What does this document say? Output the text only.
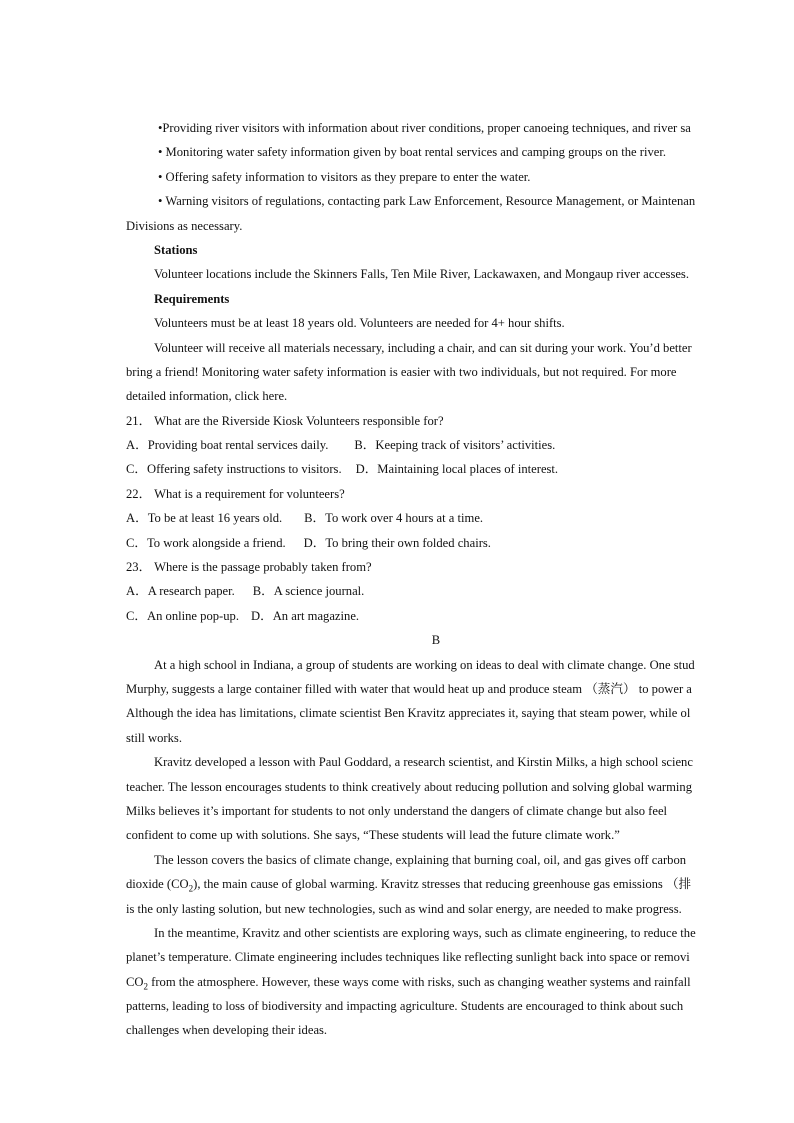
•Providing river visitors with information about river conditions, proper canoeing techniques, and river sa
• Monitoring water safety information given by boat rental services and camping groups on the river.
• Offering safety information to visitors as they prepare to enter the water.
• Warning visitors of regulations, contacting park Law Enforcement, Resource Management, or Maintenan
Divisions as necessary.
Stations
Volunteer locations include the Skinners Falls, Ten Mile River, Lackawaxen, and Mongaup river accesses.
Requirements
Volunteers must be at least 18 years old. Volunteers are needed for 4+ hour shifts.
Volunteer will receive all materials necessary, including a chair, and can sit during your work. You’d better
bring a friend! Monitoring water safety information is easier with two individuals, but not required. For more
detailed information, click here.
21． What are the Riverside Kiosk Volunteers responsible for?
A．Providing boat rental services daily. B．Keeping track of visitors’ activities.
C．Offering safety instructions to visitors. D．Maintaining local places of interest.
22． What is a requirement for volunteers?
A．To be at least 16 years old. B．To work over 4 hours at a time.
C．To work alongside a friend. D．To bring their own folded chairs.
23． Where is the passage probably taken from?
A．A research paper. B．A science journal.
C．An online pop-up. D．An art magazine.
B
At a high school in Indiana, a group of students are working on ideas to deal with climate change. One stud
Murphy, suggests a large container filled with water that would heat up and produce steam （蒸汽） to power a
Although the idea has limitations, climate scientist Ben Kravitz appreciates it, saying that steam power, while ol
still works.
Kravitz developed a lesson with Paul Goddard, a research scientist, and Kirstin Milks, a high school scienc
teacher. The lesson encourages students to think creatively about reducing pollution and solving global warming
Milks believes it’s important for students to not only understand the dangers of climate change but also feel
confident to come up with solutions. She says, “These students will lead the future climate work.”
The lesson covers the basics of climate change, explaining that burning coal, oil, and gas gives off carbon
dioxide $(CO_2)$, the main cause of global warming. Kravitz stresses that reducing greenhouse gas emissions （排
is the only lasting solution, but new technologies, such as wind and solar energy, are needed to make progress.
In the meantime, Kravitz and other scientists are exploring ways, such as climate engineering, to reduce the
planet’s temperature. Climate engineering includes techniques like reflecting sunlight back into space or removi
$CO_2$ from the atmosphere. However, these ways come with risks, such as changing weather systems and rainfall
patterns, leading to loss of biodiversity and impacting agriculture. Students are encouraged to think about such
challenges when developing their ideas.
